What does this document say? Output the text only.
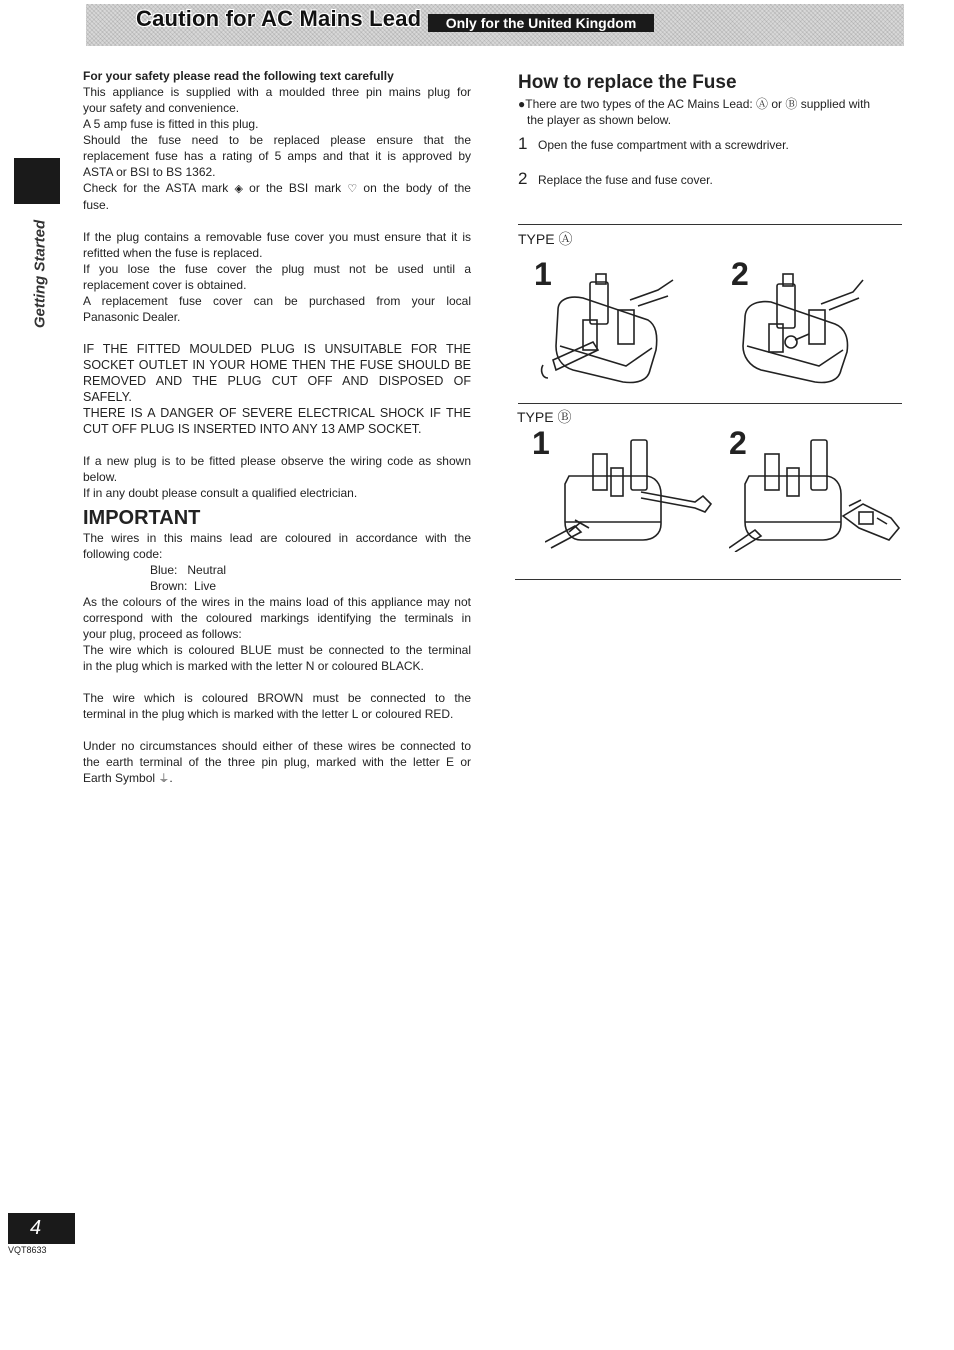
Caution for AC Mains Lead	Only for the United Kingdom
Getting Started

For your safety please read the following text carefully

This appliance is supplied with a moulded three pin mains plug for

your safety and convenience.

A 5 amp fuse is fitted in this plug.

Should the fuse need to be replaced please ensure that the

replacement fuse has a rating of 5 amps and that it is approved by

ASTA or BSI to BS 1362.

Check for the ASTA mark ◈ or the BSI mark ♡ on the body of the

fuse.

If the plug contains a removable fuse cover you must ensure that it is

refitted when the fuse is replaced.

If you lose the fuse cover the plug must not be used until a

replacement cover is obtained.

A replacement fuse cover can be purchased from your local

Panasonic Dealer.

IF THE FITTED MOULDED PLUG IS UNSUITABLE FOR THE

SOCKET OUTLET IN YOUR HOME THEN THE FUSE SHOULD BE

REMOVED AND THE PLUG CUT OFF AND DISPOSED OF

SAFELY.

THERE IS A DANGER OF SEVERE ELECTRICAL SHOCK IF THE

CUT OFF PLUG IS INSERTED INTO ANY 13 AMP SOCKET.

If a new plug is to be fitted please observe the wiring code as shown

below.

If in any doubt please consult a qualified electrician.

IMPORTANT

The wires in this mains lead are coloured in accordance with the

following code:

Blue:   Neutral

Brown:  Live

As the colours of the wires in the mains load of this appliance may not

correspond with the coloured markings identifying the terminals in

your plug, proceed as follows:

The wire which is coloured BLUE must be connected to the terminal

in the plug which is marked with the letter N or coloured BLACK.

The wire which is coloured BROWN must be connected to the

terminal in the plug which is marked with the letter L or coloured RED.

Under no circumstances should either of these wires be connected to

the earth terminal of the three pin plug, marked with the letter E or

Earth Symbol ⏚.

How to replace the Fuse

●There are two types of the AC Mains Lead: Ⓐ or Ⓑ supplied with

the player as shown below.

1 Open the fuse compartment with a screwdriver.
2 Replace the fuse and fuse cover.
TYPE Ⓐ
1	2
TYPE Ⓑ
1	2
4
VQT8633
